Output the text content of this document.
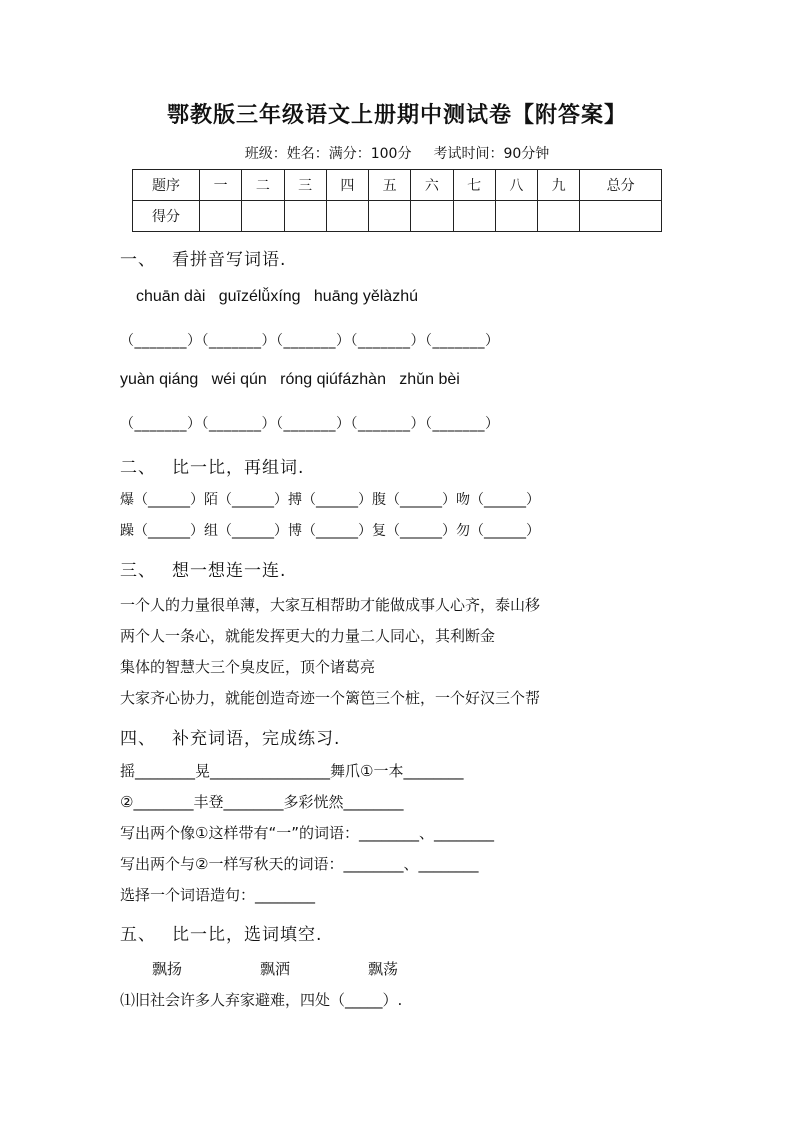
鄂教版三年级语文上册期中测试卷【附答案】
班级：姓名：满分：100分 考试时间：90分钟
题序	一	二	三	四	五	六	七	八	九	总分
得分										
一、 看拼音写词语.
chuān dài   guīzélǚxíng   huāng yělàzhú
（_______）（_______）（_______）（_______）（_______）
yuàn qiáng   wéi qún   róng qiúfázhàn   zhǔn bèi
（_______）（_______）（_______）（_______）（_______）
二、 比一比，再组词.
爆（______）陌（______）搏（______）腹（______）吻（______）
躁（______）组（______）博（______）复（______）勿（______）
三、 想一想连一连.
一个人的力量很单薄，大家互相帮助才能做成事人心齐，泰山移
两个人一条心，就能发挥更大的力量二人同心，其利断金
集体的智慧大三个臭皮匠，顶个诸葛亮
大家齐心协力，就能创造奇迹一个篱笆三个桩，一个好汉三个帮
四、 补充词语，完成练习.
摇________晃________________舞爪①一本________
②________丰登________多彩恍然________
写出两个像①这样带有“一”的词语：________、________
写出两个与②一样写秋天的词语：________、________
选择一个词语造句：________
五、 比一比，选词填空.
飘扬	飘洒	飘荡
⑴旧社会许多人弃家避难，四处（_____）.
